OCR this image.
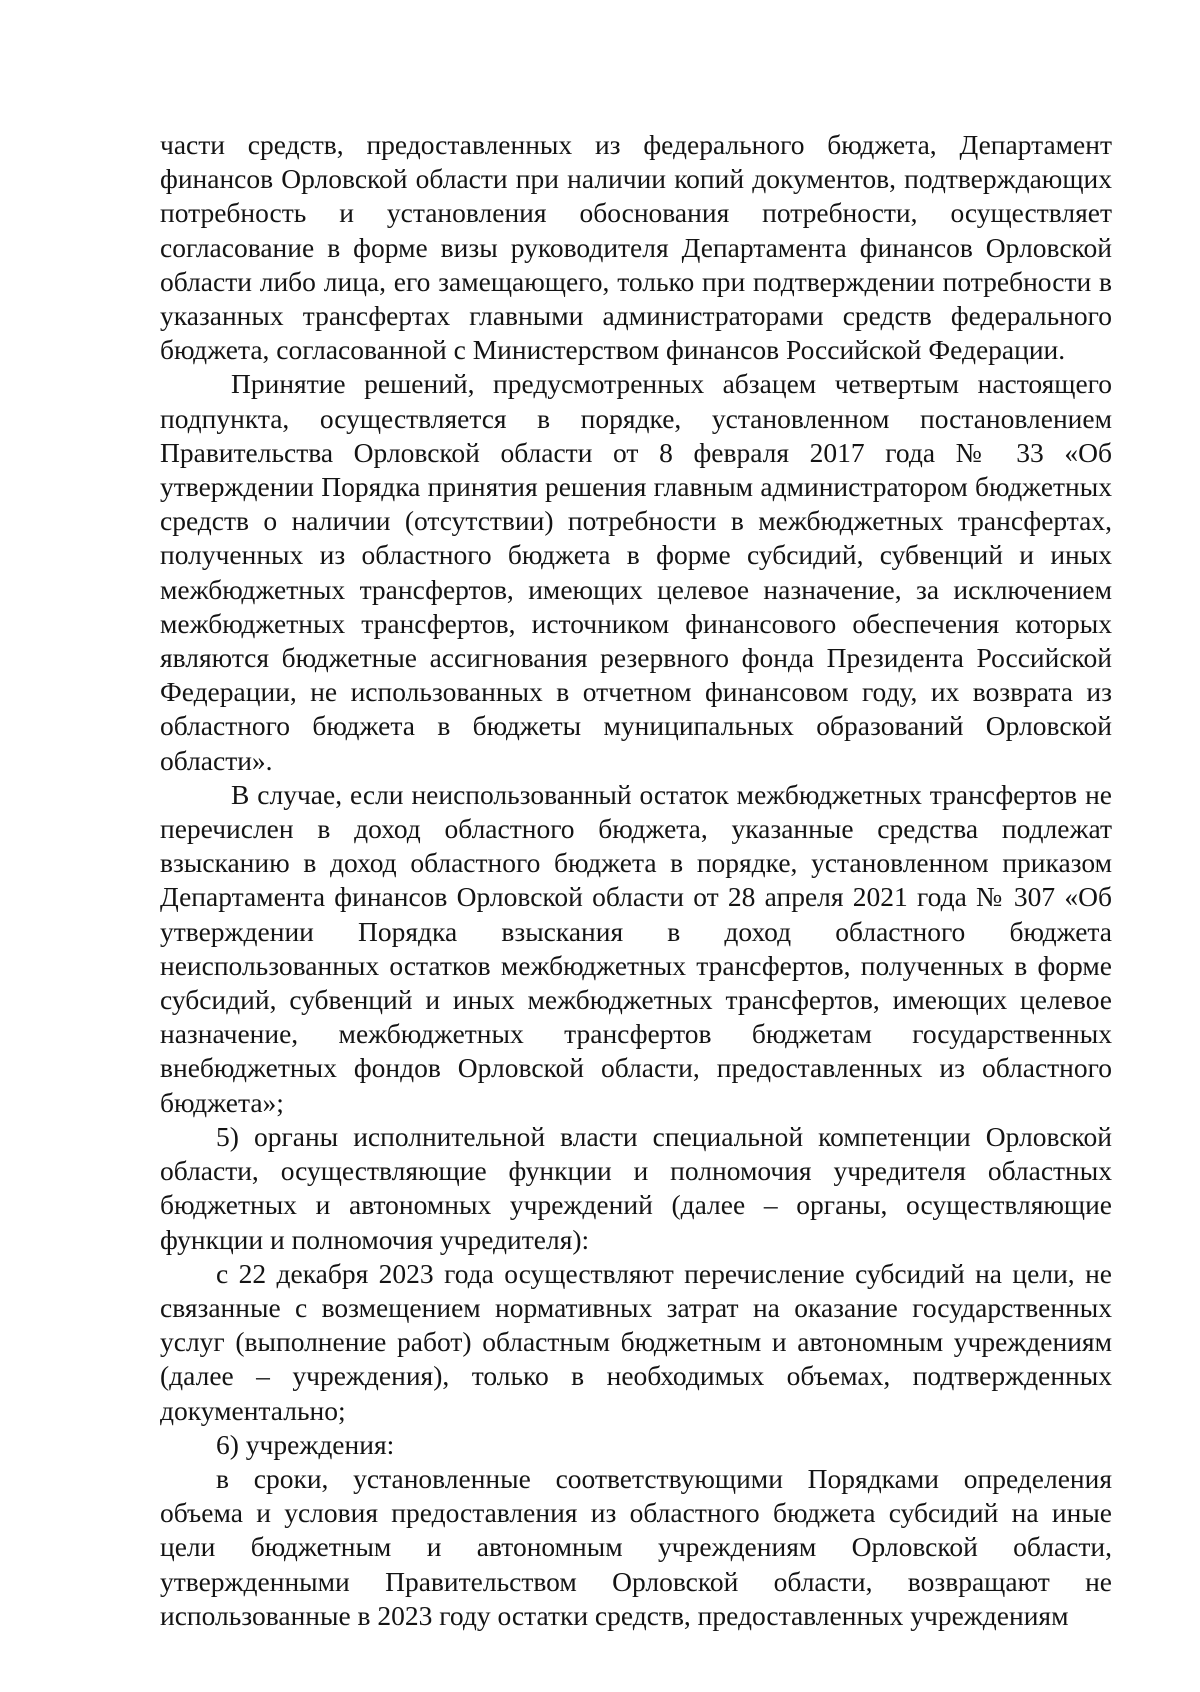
части средств, предоставленных из федерального бюджета, Департамент финансов Орловской области при наличии копий документов, подтверждающих потребность и установления обоснования потребности, осуществляет согласование в форме визы руководителя Департамента финансов Орловской области либо лица, его замещающего, только при подтверждении потребности в указанных трансфертах главными администраторами средств федерального бюджета, согласованной с Министерством финансов Российской Федерации.

Принятие решений, предусмотренных абзацем четвертым настоящего подпункта, осуществляется в порядке, установленном постановлением Правительства Орловской области от 8 февраля 2017 года № 33 «Об утверждении Порядка принятия решения главным администратором бюджетных средств о наличии (отсутствии) потребности в межбюджетных трансфертах, полученных из областного бюджета в форме субсидий, субвенций и иных межбюджетных трансфертов, имеющих целевое назначение, за исключением межбюджетных трансфертов, источником финансового обеспечения которых являются бюджетные ассигнования резервного фонда Президента Российской Федерации, не использованных в отчетном финансовом году, их возврата из областного бюджета в бюджеты муниципальных образований Орловской области».

В случае, если неиспользованный остаток межбюджетных трансфертов не перечислен в доход областного бюджета, указанные средства подлежат взысканию в доход областного бюджета в порядке, установленном приказом Департамента финансов Орловской области от 28 апреля 2021 года № 307 «Об утверждении Порядка взыскания в доход областного бюджета неиспользованных остатков межбюджетных трансфертов, полученных в форме субсидий, субвенций и иных межбюджетных трансфертов, имеющих целевое назначение, межбюджетных трансфертов бюджетам государственных внебюджетных фондов Орловской области, предоставленных из областного бюджета»;

5) органы исполнительной власти специальной компетенции Орловской области, осуществляющие функции и полномочия учредителя областных бюджетных и автономных учреждений (далее – органы, осуществляющие функции и полномочия учредителя):

с 22 декабря 2023 года осуществляют перечисление субсидий на цели, не связанные с возмещением нормативных затрат на оказание государственных услуг (выполнение работ) областным бюджетным и автономным учреждениям (далее – учреждения), только в необходимых объемах, подтвержденных документально;

6) учреждения:

в сроки, установленные соответствующими Порядками определения объема и условия предоставления из областного бюджета субсидий на иные цели бюджетным и автономным учреждениям Орловской области, утвержденными Правительством Орловской области, возвращают не использованные в 2023 году остатки средств, предоставленных учреждениям
